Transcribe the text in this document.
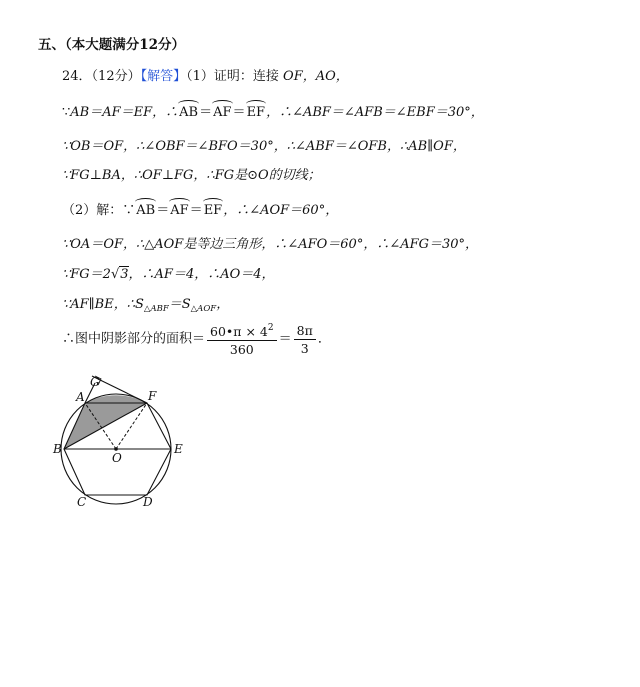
五、（本大题满分12分）
24．（12分）【解答】（1）证明：连接 OF，AO，
∵AB＝AF＝EF，∴AB＝AF＝EF，∴∠ABF＝∠AFB＝∠EBF＝30°，
∵OB＝OF，∴∠OBF＝∠BFO＝30°，∴∠ABF＝∠OFB，∴AB∥OF，
∵FG⊥BA，∴OF⊥FG，∴FG是⊙O的切线；
（2）解：∵AB＝AF＝EF，∴∠AOF＝60°，
∵OA＝OF，∴△AOF是等边三角形，∴∠AFO＝60°，∴∠AFG＝30°，
∵FG＝2√3，∴AF＝4，∴AO＝4，
∵AF∥BE，$\therefore S_{\triangle ABF}=S_{\triangle AOF}$，
∴图中阴影部分的面积＝ $\frac{60•\pi \times 4^2}{360} = \frac{8\pi}{3}$ ．
G
A	F
B
O
E
C	D
